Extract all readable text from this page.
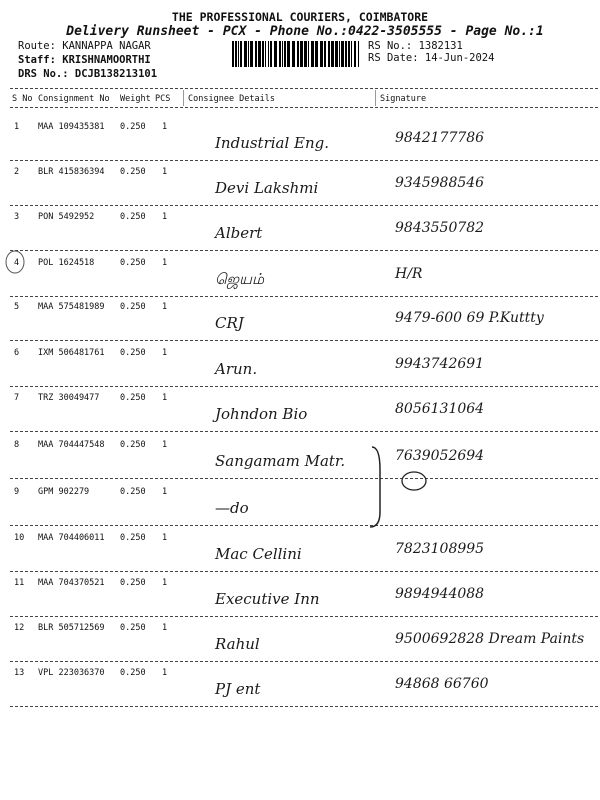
THE PROFESSIONAL COURIERS, COIMBATORE
Delivery Runsheet - PCX - Phone No.:0422-3505555 - Page No.:1
Route: KANNAPPA NAGAR
Staff: KRISHNAMOORTHI
DRS No.: DCJB138213101
RS No.: 1382131
RS Date: 14-Jun-2024
S No Consignment No Weight PCS Consignee Details	Signature
1 MAA 109435381 0.250 1
Industrial Eng.	9842177786
2 BLR 415836394 0.250 1
Devi Lakshmi	9345988546
3 PON 5492952	0.250 1
Albert	9843550782
4 POL 1624518	0.250 1
ஜெயம்	H/R
5 MAA 575481989 0.250 1
CRJ	9479-600 69 P.Kuttty
6 IXM 506481761 0.250 1
Arun.	9943742691
7 TRZ 30049477 0.250 1
Johndon Bio	8056131064
8 MAA 704447548 0.250 1
Sangamam Matr.	7639052694
9 GPM 902279	0.250 1
—do
10 MAA 704406011 0.250 1
Mac Cellini	7823108995
11 MAA 704370521 0.250 1
Executive Inn	9894944088
12 BLR 505712569 0.250 1
Rahul	9500692828 Dream Paints
13 VPL 223036370 0.250 1
PJ ent	94868 66760
